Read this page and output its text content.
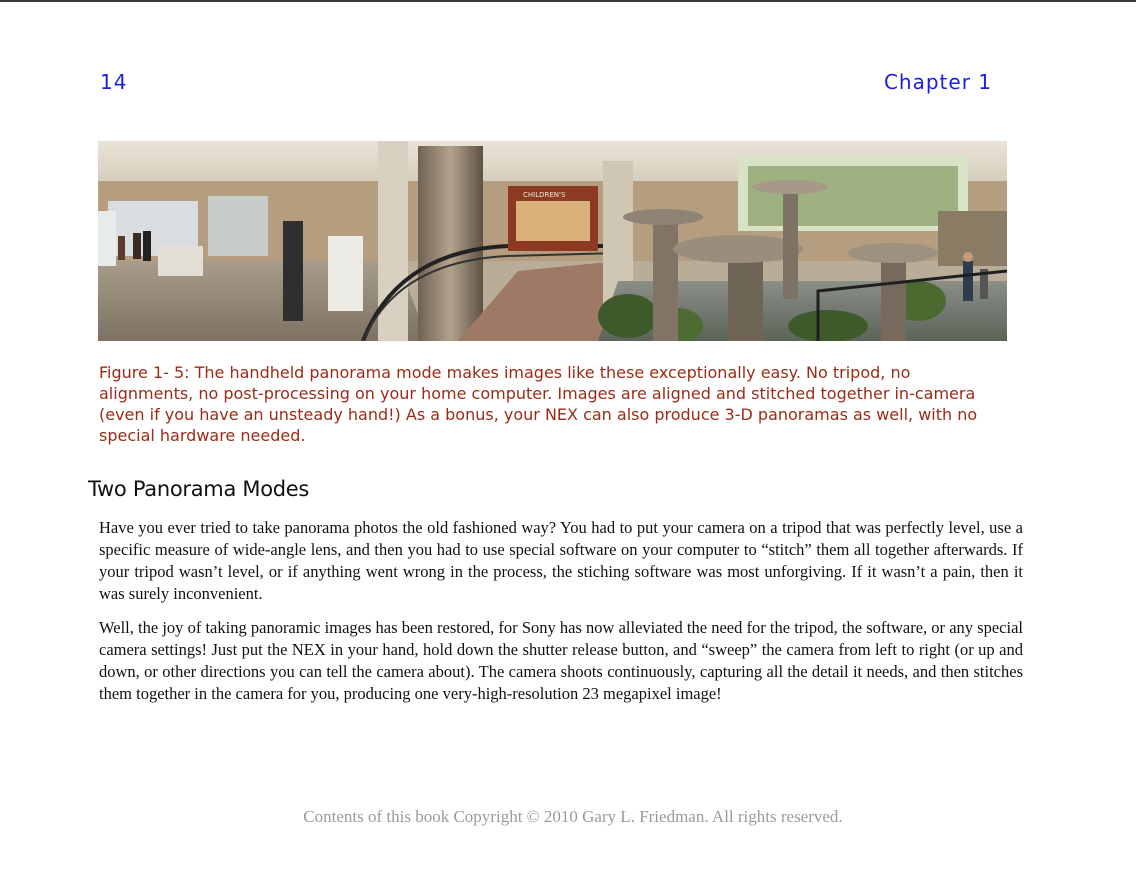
14	Chapter 1
CHILDREN'S
Figure 1- 5: The handheld panorama mode makes images like these exceptionally easy. No tripod, no alignments, no post-processing on your home computer. Images are aligned and stitched together in-camera (even if you have an unsteady hand!) As a bonus, your NEX can also produce 3-D panoramas as well, with no special hardware needed.
Two Panorama Modes

Have you ever tried to take panorama photos the old fashioned way? You had to put your camera on a tripod that was perfectly level, use a specific measure of wide-angle lens, and then you had to use special software on your computer to “stitch” them all together afterwards. If your tripod wasn’t level, or if anything went wrong in the process, the stiching software was most unforgiving. If it wasn’t a pain, then it was surely inconvenient.

Well, the joy of taking panoramic images has been restored, for Sony has now alleviated the need for the tripod, the software, or any special camera settings! Just put the NEX in your hand, hold down the shutter release button, and “sweep” the camera from left to right (or up and down, or other directions you can tell the camera about). The camera shoots continuously, capturing all the detail it needs, and then stitches them together in the camera for you, producing one very-high-resolution 23 megapixel image!

Contents of this book Copyright © 2010 Gary L. Friedman. All rights reserved.
